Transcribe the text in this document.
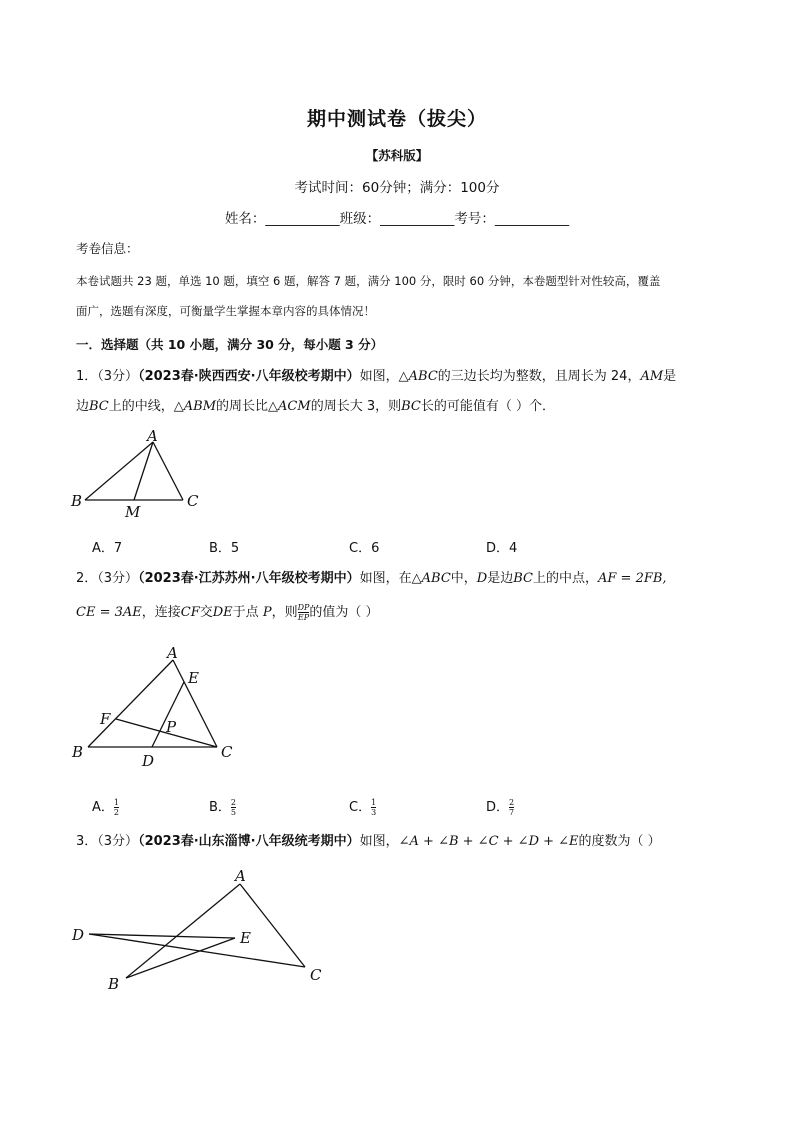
期中测试卷（拔尖）
【苏科版】
考试时间：60分钟；满分：100分
姓名：___________班级：___________考号：___________
考卷信息：
本卷试题共 23 题，单选 10 题，填空 6 题，解答 7 题，满分 100 分，限时 60 分钟，本卷题型针对性较高，覆盖
面广，选题有深度，可衡量学生掌握本章内容的具体情况！
一．选择题（共 10 小题，满分 30 分，每小题 3 分）
1．（3分）（2023春·陕西西安·八年级校考期中）如图，△ABC的三边长均为整数，且周长为 24，AM是
边BC上的中线，△ABM的周长比△ACM的周长大 3，则BC长的可能值有（ ）个．
A
B	C
M
A．7	B．5	C．6	D．4
2．（3分）（2023春·江苏苏州·八年级校考期中）如图，在△ABC中，D是边BC上的中点，AF = 2FB,
CE = 3AE，连接CF交DE于点 P，则 $\frac{DP}{EP}$ 的值为（ ）
A
E
F	P
B	D	C
A． $\frac{1}{2}$	B． $\frac{2}{5}$	C． $\frac{1}{3}$	D． $\frac{2}{7}$
3．（3分）（2023春·山东淄博·八年级统考期中）如图，∠A + ∠B + ∠C + ∠D + ∠E的度数为（ ）
A
D	E
B	C
